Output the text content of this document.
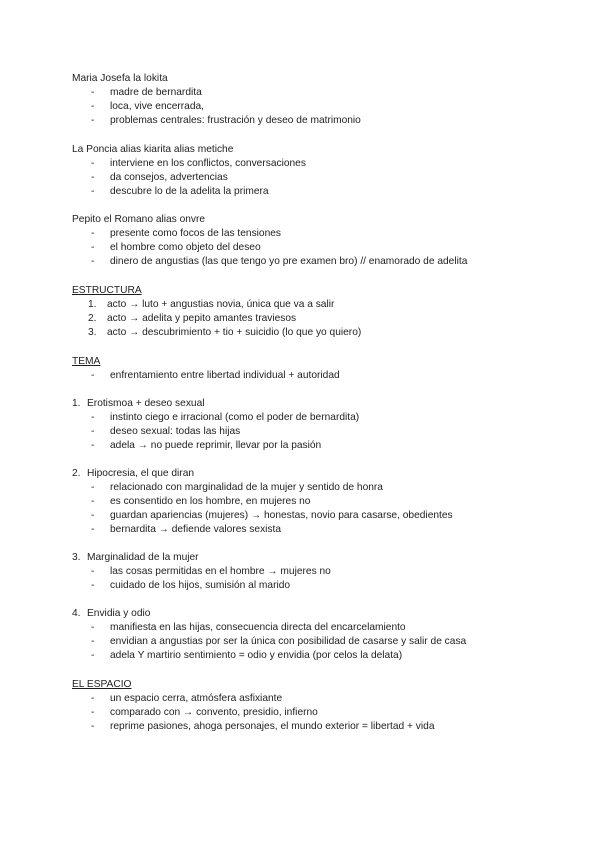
Maria Josefa la lokita
-	madre de bernardita
-	loca, vive encerrada,
-	problemas centrales: frustración y deseo de matrimonio
La Poncia alias kiarita alias metiche
-	interviene en los conflictos, conversaciones
-	da consejos, advertencias
-	descubre lo de la adelita la primera
Pepito el Romano alias onvre
-	presente como focos de las tensiones
-	el hombre como objeto del deseo
-	dinero de angustias (las que tengo yo pre examen bro) // enamorado de adelita
ESTRUCTURA
1. acto → luto + angustias novia, única que va a salir
2. acto → adelita y pepito amantes traviesos
3. acto → descubrimiento + tio + suicidio (lo que yo quiero)
TEMA
-	enfrentamiento entre libertad individual + autoridad
1. Erotismoa + deseo sexual
-	instinto ciego e irracional (como el poder de bernardita)
-	deseo sexual: todas las hijas
-	adela → no puede reprimir, llevar por la pasión
2. Hipocresia, el que diran
-	relacionado con marginalidad de la mujer y sentido de honra
-	es consentido en los hombre, en mujeres no
-	guardan apariencias (mujeres) → honestas, novio para casarse, obedientes
-	bernardita → defiende valores sexista
3. Marginalidad de la mujer
-	las cosas permitidas en el hombre → mujeres no
-	cuidado de los hijos, sumisión al marido
4. Envidia y odio
-	manifiesta en las hijas, consecuencia directa del encarcelamiento
-	envidian a angustias por ser la única con posibilidad de casarse y salir de casa
-	adela Y martirio sentimiento = odio y envidia (por celos la delata)
EL ESPACIO
-	un espacio cerra, atmósfera asfixiante
-	comparado con → convento, presidio, infierno
-	reprime pasiones, ahoga personajes, el mundo exterior = libertad + vida
